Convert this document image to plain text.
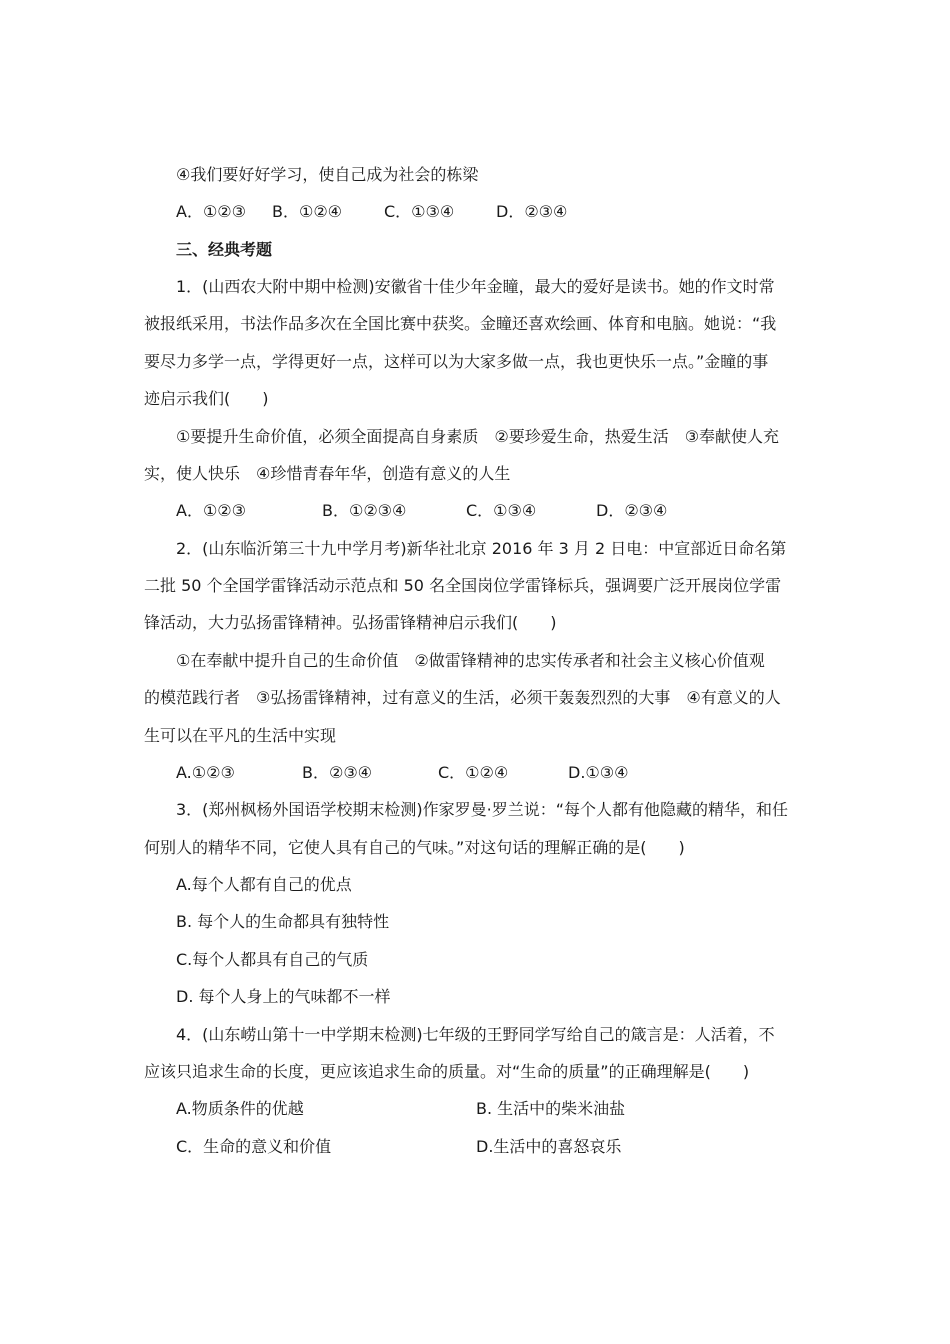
④我们要好好学习，使自己成为社会的栋梁
A．①②③ B．①②④	C．①③④	D．②③④
三、经典考题
1．(山西农大附中期中检测)安徽省十佳少年金瞳，最大的爱好是读书。她的作文时常
被报纸采用，书法作品多次在全国比赛中获奖。金瞳还喜欢绘画、体育和电脑。她说：“我
要尽力多学一点，学得更好一点，这样可以为大家多做一点，我也更快乐一点。”金瞳的事
迹启示我们(　　)
①要提升生命价值，必须全面提高自身素质　②要珍爱生命，热爱生活　③奉献使人充
实，使人快乐　④珍惜青春年华，创造有意义的人生
A．①②③	B．①②③④	C．①③④	D．②③④
2．(山东临沂第三十九中学月考)新华社北京 2016 年 3 月 2 日电：中宣部近日命名第
二批 50 个全国学雷锋活动示范点和 50 名全国岗位学雷锋标兵，强调要广泛开展岗位学雷
锋活动，大力弘扬雷锋精神。弘扬雷锋精神启示我们(　　)
①在奉献中提升自己的生命价值　②做雷锋精神的忠实传承者和社会主义核心价值观
的模范践行者　③弘扬雷锋精神，过有意义的生活，必须干轰轰烈烈的大事　④有意义的人
生可以在平凡的生活中实现
A.①②③	B．②③④	C．①②④	D.①③④
3．(郑州枫杨外国语学校期末检测)作家罗曼·罗兰说：“每个人都有他隐藏的精华，和任
何别人的精华不同，它使人具有自己的气味。”对这句话的理解正确的是(　　)
A.每个人都有自己的优点
B. 每个人的生命都具有独特性
C.每个人都具有自己的气质
D. 每个人身上的气味都不一样
4．(山东崂山第十一中学期末检测)七年级的王野同学写给自己的箴言是：人活着，不
应该只追求生命的长度，更应该追求生命的质量。对“生命的质量”的正确理解是(　　)
A.物质条件的优越	B. 生活中的柴米油盐
C．生命的意义和价值	D.生活中的喜怒哀乐
